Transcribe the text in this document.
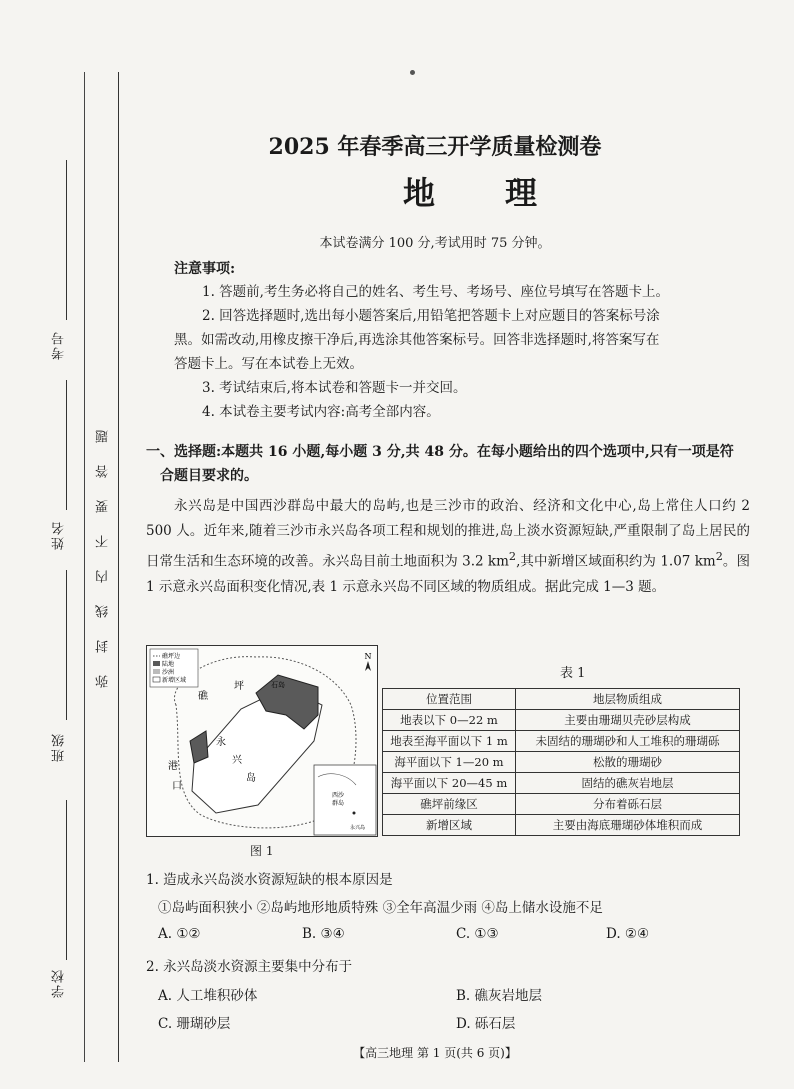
考号
姓名
班级
学校
弥封线内不要答题
2025 年春季高三开学质量检测卷
地理
本试卷满分 100 分,考试用时 75 分钟。
注意事项:

1. 答题前,考生务必将自己的姓名、考生号、考场号、座位号填写在答题卡上。

2. 回答选择题时,选出每小题答案后,用铅笔把答题卡上对应题目的答案标号涂

黑。如需改动,用橡皮擦干净后,再选涂其他答案标号。回答非选择题时,将答案写在

答题卡上。写在本试卷上无效。

3. 考试结束后,将本试卷和答题卡一并交回。

4. 本试卷主要考试内容:高考全部内容。

一、选择题:本题共 16 小题,每小题 3 分,共 48 分。在每小题给出的四个选项中,只有一项是符
合题目要求的。
永兴岛是中国西沙群岛中最大的岛屿,也是三沙市的政治、经济和文化中心,岛上常住人口约 2 500 人。近年来,随着三沙市永兴岛各项工程和规划的推进,岛上淡水资源短缺,严重限制了岛上居民的日常生活和生态环境的改善。永兴岛目前土地面积为 3.2 $km^2$,其中新增区域面积约为 1.07 $km^2$。图 1 示意永兴岛面积变化情况,表 1 示意永兴岛不同区域的物质组成。据此完成 1—3 题。
礁坪边
陆地
沙洲
新增区域
N
礁
坪	石岛
永
兴
岛
港
口
西沙
群岛
永兴岛
图 1
表 1
位置范围	地层物质组成
地表以下 0—22 m	主要由珊瑚贝壳砂层构成
地表至海平面以下 1 m	未固结的珊瑚砂和人工堆积的珊瑚砾
海平面以下 1—20 m	松散的珊瑚砂
海平面以下 20—45 m	固结的礁灰岩地层
礁坪前缘区	分布着砾石层
新增区域	主要由海底珊瑚砂体堆积而成
1. 造成永兴岛淡水资源短缺的根本原因是
①岛屿面积狭小 ②岛屿地形地质特殊 ③全年高温少雨 ④岛上储水设施不足
A. ①②	B. ③④	C. ①③	D. ②④
2. 永兴岛淡水资源主要集中分布于
A. 人工堆积砂体	B. 礁灰岩地层
C. 珊瑚砂层	D. 砾石层
【高三地理 第 1 页(共 6 页)】
